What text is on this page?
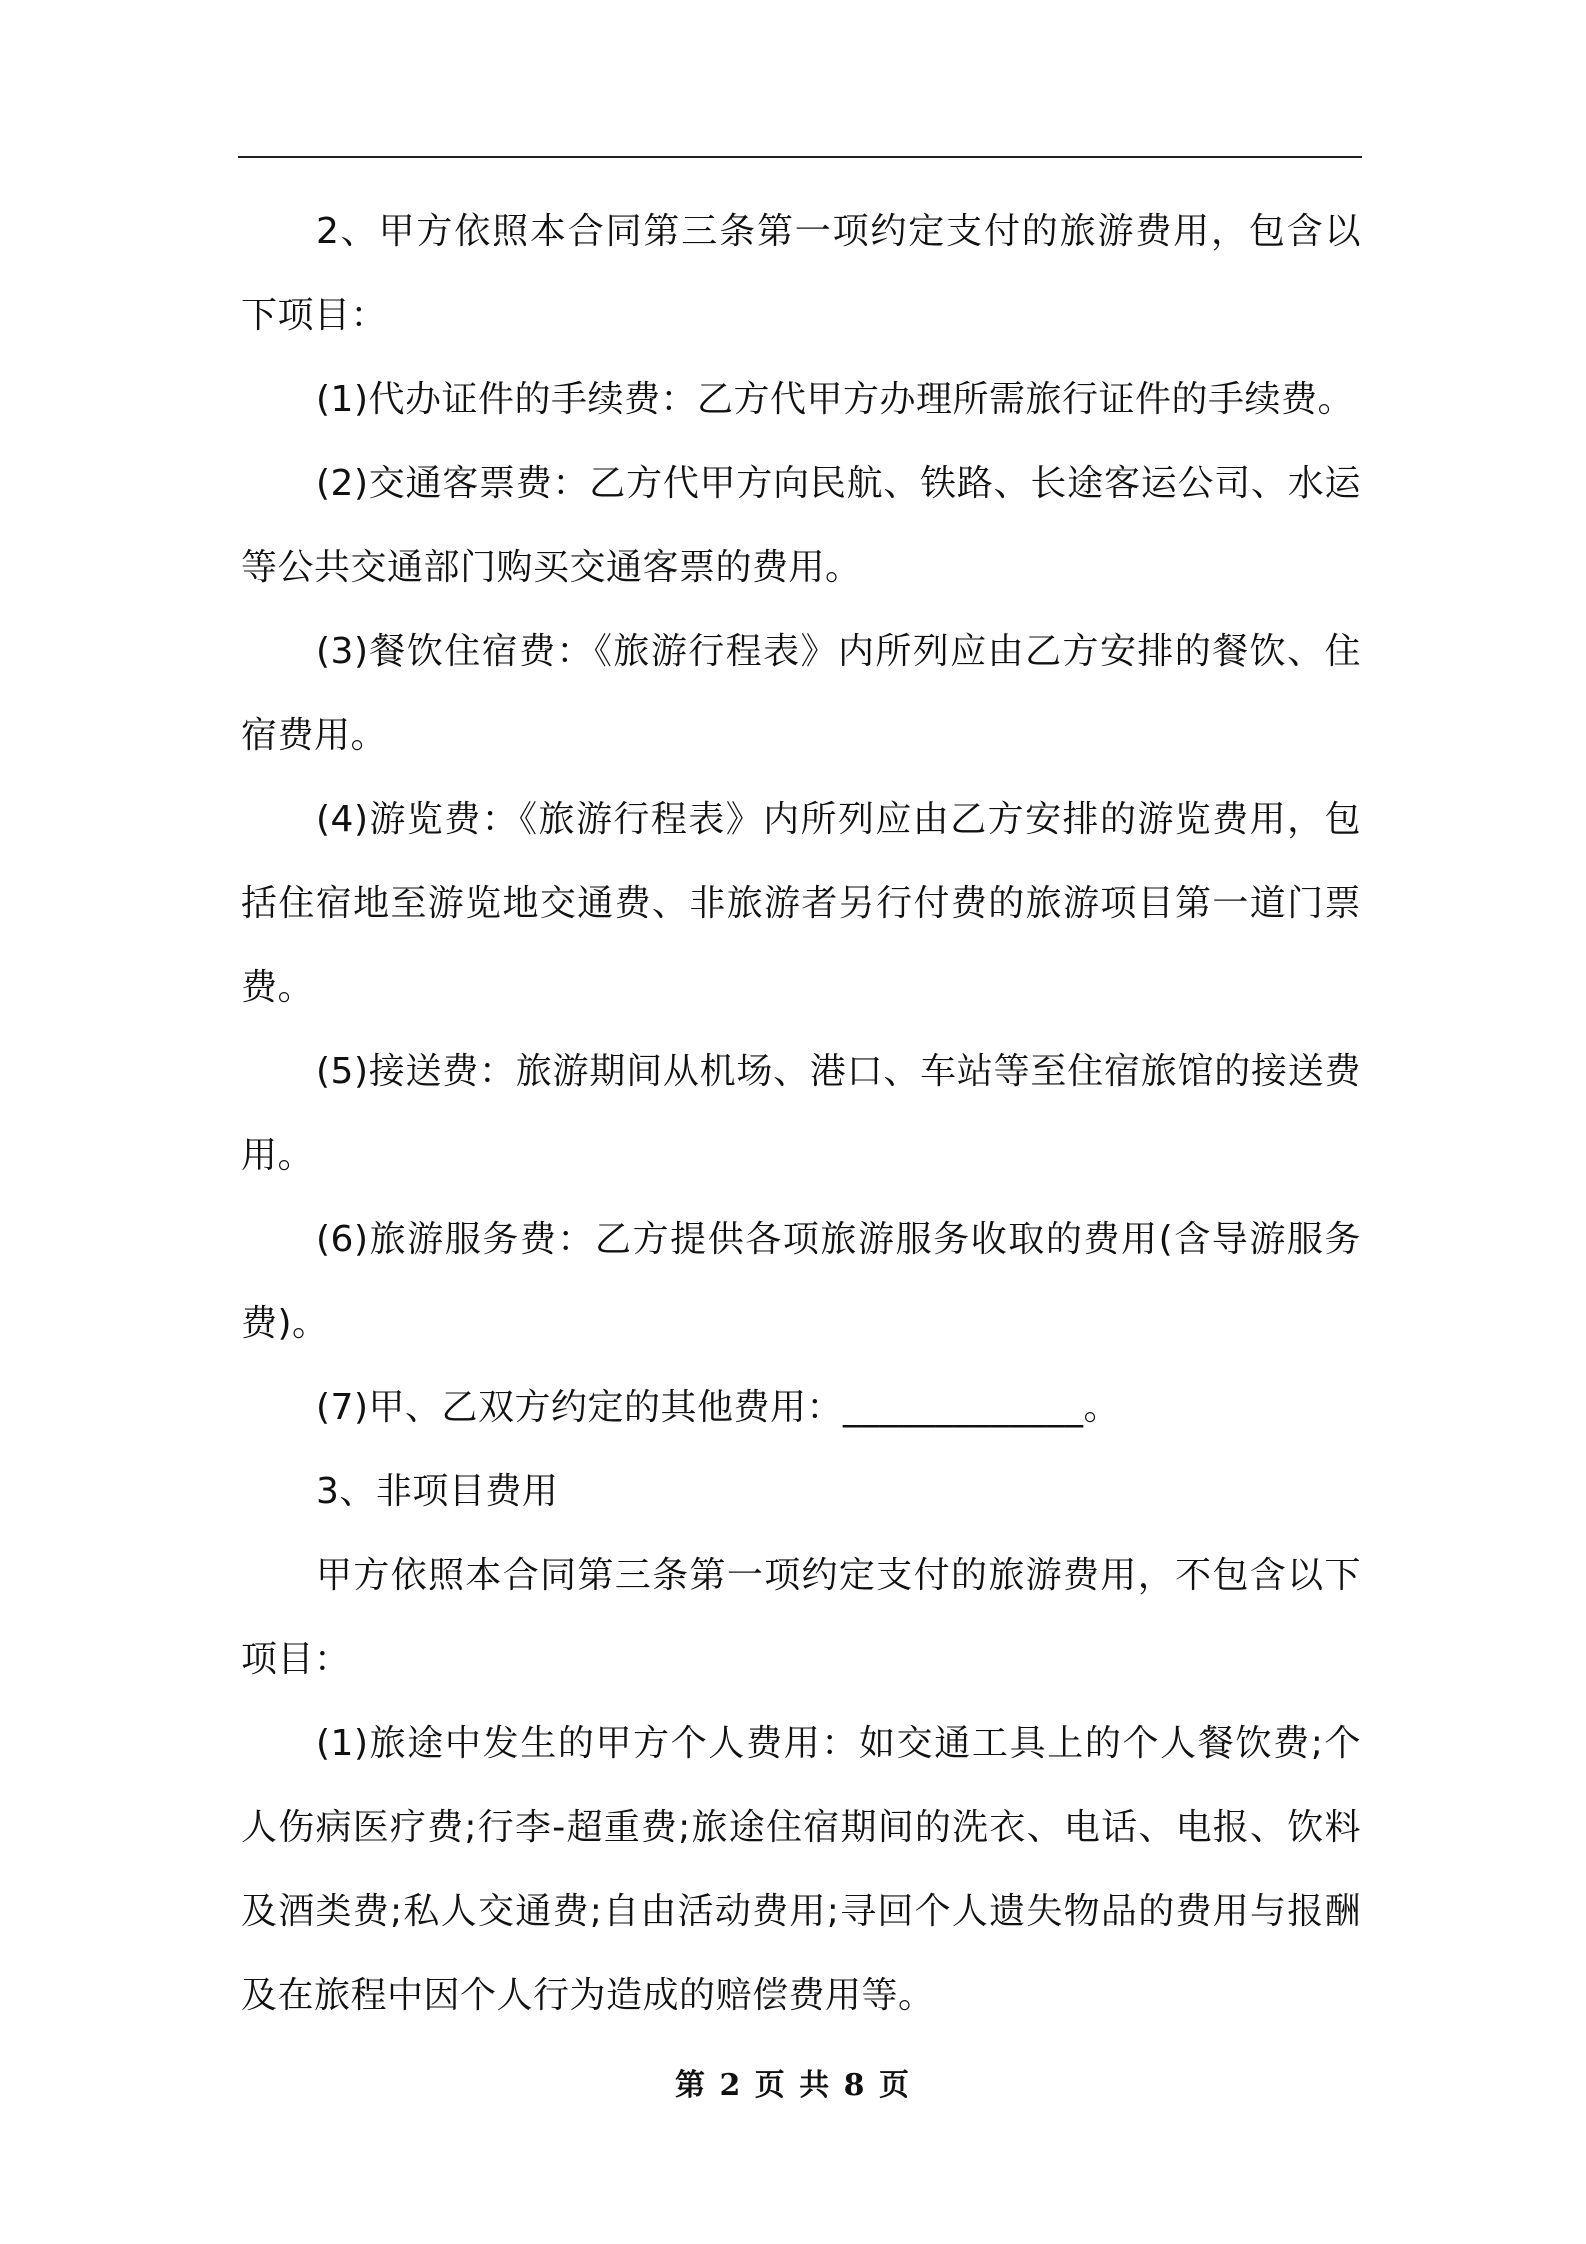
2、甲方依照本合同第三条第一项约定支付的旅游费用，包含以下项目：

(1)代办证件的手续费：乙方代甲方办理所需旅行证件的手续费。

(2)交通客票费：乙方代甲方向民航、铁路、长途客运公司、水运等公共交通部门购买交通客票的费用。

(3)餐饮住宿费：《旅游行程表》内所列应由乙方安排的餐饮、住宿费用。

(4)游览费：《旅游行程表》内所列应由乙方安排的游览费用，包括住宿地至游览地交通费、非旅游者另行付费的旅游项目第一道门票费。

(5)接送费：旅游期间从机场、港口、车站等至住宿旅馆的接送费用。

(6)旅游服务费：乙方提供各项旅游服务收取的费用(含导游服务费)。

(7)甲、乙双方约定的其他费用：_____________。

3、非项目费用

甲方依照本合同第三条第一项约定支付的旅游费用，不包含以下项目：

(1)旅途中发生的甲方个人费用：如交通工具上的个人餐饮费;个人伤病医疗费;行李-超重费;旅途住宿期间的洗衣、电话、电报、饮料及酒类费;私人交通费;自由活动费用;寻回个人遗失物品的费用与报酬及在旅程中因个人行为造成的赔偿费用等。

第 2 页 共 8 页
